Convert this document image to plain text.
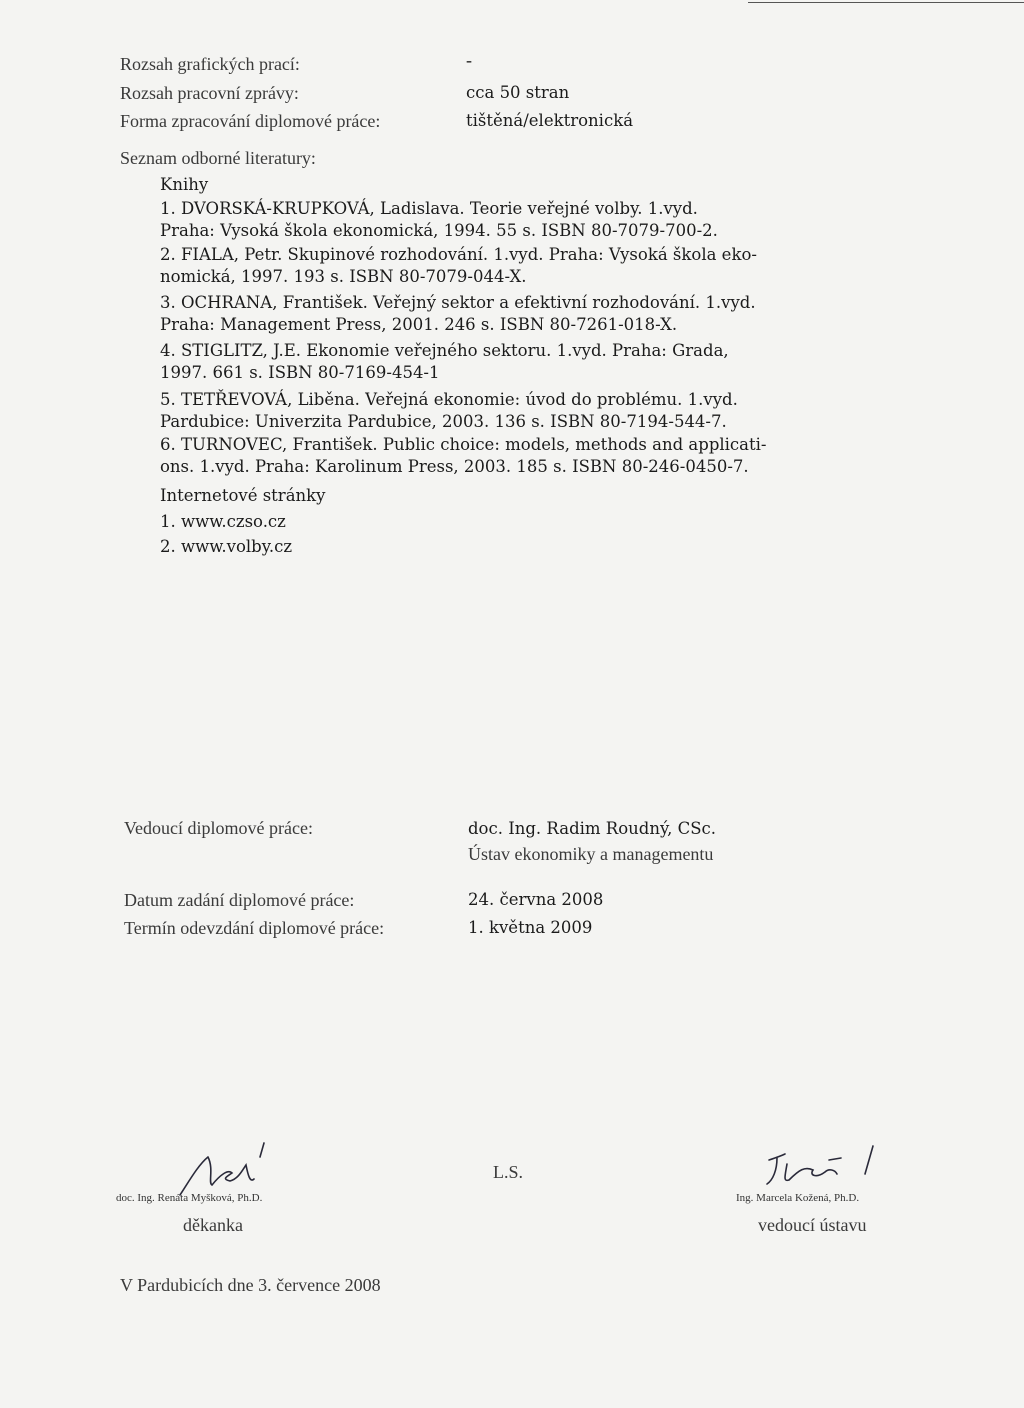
Rozsah grafických prací:	-
Rozsah pracovní zprávy:	cca 50 stran
Forma zpracování diplomové práce:	tištěná/elektronická
Seznam odborné literatury:
Knihy
1. DVORSKÁ-KRUPKOVÁ, Ladislava. Teorie veřejné volby. 1.vyd.
Praha: Vysoká škola ekonomická, 1994. 55 s. ISBN 80-7079-700-2.
2. FIALA, Petr. Skupinové rozhodování. 1.vyd. Praha: Vysoká škola eko-
nomická, 1997. 193 s. ISBN 80-7079-044-X.
3. OCHRANA, František. Veřejný sektor a efektivní rozhodování. 1.vyd.
Praha: Management Press, 2001. 246 s. ISBN 80-7261-018-X.
4. STIGLITZ, J.E. Ekonomie veřejného sektoru. 1.vyd. Praha: Grada,
1997. 661 s. ISBN 80-7169-454-1
5. TETŘEVOVÁ, Liběna. Veřejná ekonomie: úvod do problému. 1.vyd.
Pardubice: Univerzita Pardubice, 2003. 136 s. ISBN 80-7194-544-7.
6. TURNOVEC, František. Public choice: models, methods and applicati-
ons. 1.vyd. Praha: Karolinum Press, 2003. 185 s. ISBN 80-246-0450-7.
Internetové stránky
1. www.czso.cz
2. www.volby.cz
Vedoucí diplomové práce:	doc. Ing. Radim Roudný, CSc.
Ústav ekonomiky a managementu
Datum zadání diplomové práce:	24. června 2008
Termín odevzdání diplomové práce:	1. května 2009
doc. Ing. Renáta Myšková, Ph.D.
děkanka
L.S.
Ing. Marcela Kožená, Ph.D.
vedoucí ústavu
V Pardubicích dne 3. července 2008
